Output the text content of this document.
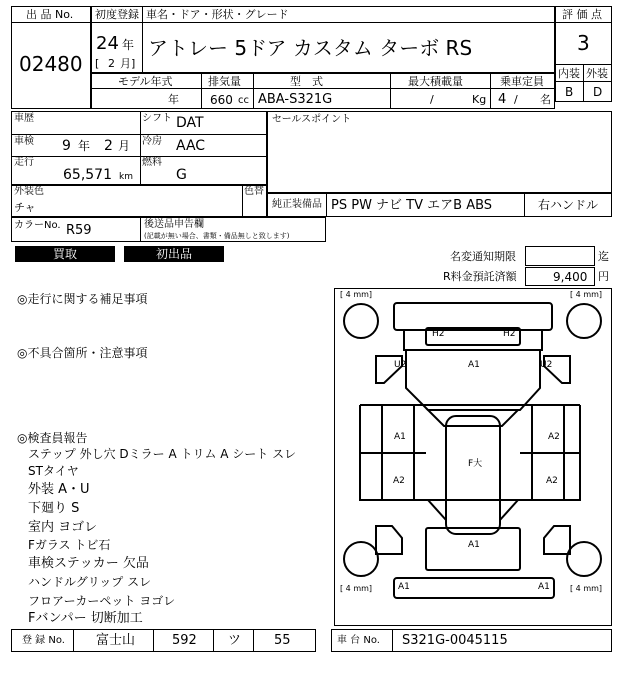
出 品 No.
02480
初度登録 車名・ドア・形状・グレード
24 年
[ 2 月]
アトレー 5ドア カスタム ターボ RS
評 価 点
3
内装 外装
B D
モデル年式	排気量	型　式	最大積載量	乗車定員
年	660 cc ABA-S321G	/	Kg 4 / 名
車歴	シフト DAT
車検 9 年 2 月 冷房 AAC
走行
65,571 km
燃料
G
セールスポイント
外装色
チャ
色替
純正装備品 PS PW ナビ TV エアB ABS	右ハンドル
カラーNo. R59	後送品申告欄
(記載が無い場合、書類・備品無しと致します)
買取	初出品	名変通知期限	迄
R料金預託済額	9,400 円
◎走行に関する補足事項
◎不具合箇所・注意事項
◎検査員報告
ステップ 外し穴 Dミラー A トリム A シート スレ
STタイヤ
外装 A・U
下廻り S
室内 ヨゴレ
Fガラス トビ石
車検ステッカー 欠品
ハンドルグリップ スレ
フロアーカーペット ヨゴレ
Fバンパー 切断加工
[ 4 mm]	[ 4 mm]
[ 4 mm]	[ 4 mm]
H2	H2
U2	A1	U2
A1	A2
F大
A2	A2
A1
A1	A1
登 録 No. 富士山	592 ツ	55	車 台 No. S321G-0045115
